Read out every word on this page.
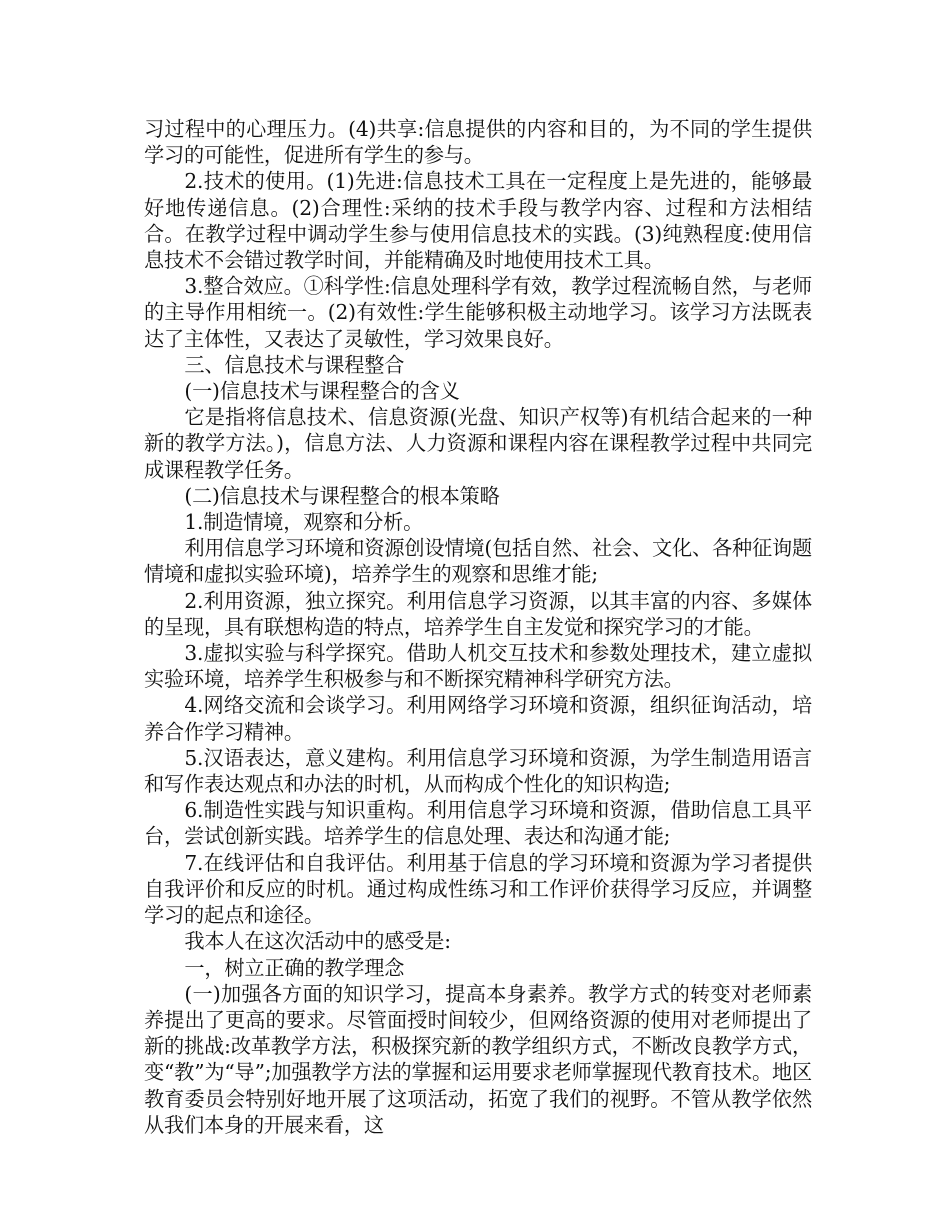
习过程中的心理压力。(4)共享:信息提供的内容和目的，为不同的学生提供学习的可能性，促进所有学生的参与。

2.技术的使用。(1)先进:信息技术工具在一定程度上是先进的，能够最好地传递信息。(2)合理性:采纳的技术手段与教学内容、过程和方法相结合。在教学过程中调动学生参与使用信息技术的实践。(3)纯熟程度:使用信息技术不会错过教学时间，并能精确及时地使用技术工具。

3.整合效应。①科学性:信息处理科学有效，教学过程流畅自然，与老师的主导作用相统一。(2)有效性:学生能够积极主动地学习。该学习方法既表达了主体性，又表达了灵敏性，学习效果良好。

三、信息技术与课程整合

(一)信息技术与课程整合的含义

它是指将信息技术、信息资源(光盘、知识产权等)有机结合起来的一种新的教学方法。)，信息方法、人力资源和课程内容在课程教学过程中共同完成课程教学任务。

(二)信息技术与课程整合的根本策略

1.制造情境，观察和分析。

利用信息学习环境和资源创设情境(包括自然、社会、文化、各种征询题情境和虚拟实验环境)，培养学生的观察和思维才能;

2.利用资源，独立探究。利用信息学习资源，以其丰富的内容、多媒体的呈现，具有联想构造的特点，培养学生自主发觉和探究学习的才能。

3.虚拟实验与科学探究。借助人机交互技术和参数处理技术，建立虚拟实验环境，培养学生积极参与和不断探究精神科学研究方法。

4.网络交流和会谈学习。利用网络学习环境和资源，组织征询活动，培养合作学习精神。

5.汉语表达，意义建构。利用信息学习环境和资源，为学生制造用语言和写作表达观点和办法的时机，从而构成个性化的知识构造;

6.制造性实践与知识重构。利用信息学习环境和资源，借助信息工具平台，尝试创新实践。培养学生的信息处理、表达和沟通才能;

7.在线评估和自我评估。利用基于信息的学习环境和资源为学习者提供自我评价和反应的时机。通过构成性练习和工作评价获得学习反应，并调整学习的起点和途径。

我本人在这次活动中的感受是:

一，树立正确的教学理念

(一)加强各方面的知识学习，提高本身素养。教学方式的转变对老师素养提出了更高的要求。尽管面授时间较少，但网络资源的使用对老师提出了新的挑战:改革教学方法，积极探究新的教学组织方式，不断改良教学方式，变“教”为“导”;加强教学方法的掌握和运用要求老师掌握现代教育技术。地区教育委员会特别好地开展了这项活动，拓宽了我们的视野。不管从教学依然从我们本身的开展来看，这
